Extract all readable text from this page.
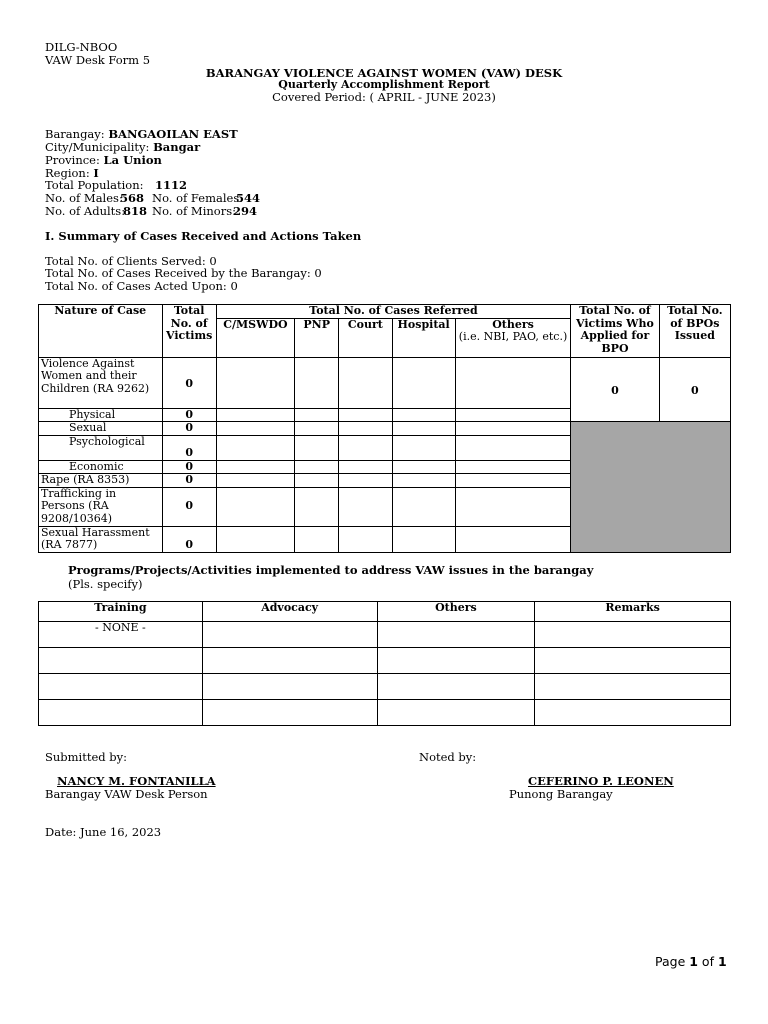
DILG-NBOO
VAW Desk Form 5
BARANGAY VIOLENCE AGAINST WOMEN (VAW) DESK
Quarterly Accomplishment Report
Covered Period: ( APRIL - JUNE 2023)
Barangay: BANGAOILAN EAST
City/Municipality: Bangar
Province: La Union
Region: I
Total Population: 1112
No. of Males:
568 No. of Females:
544
No. of Adults:
818 No. of Minors:
294
I. Summary of Cases Received and Actions Taken
Total No. of Clients Served: 0
Total No. of Cases Received by the Barangay: 0
Total No. of Cases Acted Upon: 0
Nature of Case	Total No. of Victims	Total No. of Cases Referred					Total No. of Victims Who Applied for BPO	Total No. of BPOs Issued
		C/MSWDO	PNP	Court	Hospital	Others
(i.e. NBI, PAO, etc.)		
Violence Against Women and their Children (RA 9262)	0						0	0
Physical	0							
Sexual	0							
Psychological	0							
Economic	0							
Rape (RA 8353)	0							
Trafficking in Persons (RA 9208/10364)	0							
Sexual Harassment (RA 7877)	0							
Programs/Projects/Activities implemented to address VAW issues in the barangay
(Pls. specify)
Training	Advocacy	Others	Remarks
- NONE -			

Submitted by:	Noted by:
NANCY M. FONTANILLA
Barangay VAW Desk Person
CEFERINO P. LEONEN
Punong Barangay
Date: June 16, 2023
Page 1 of 1
